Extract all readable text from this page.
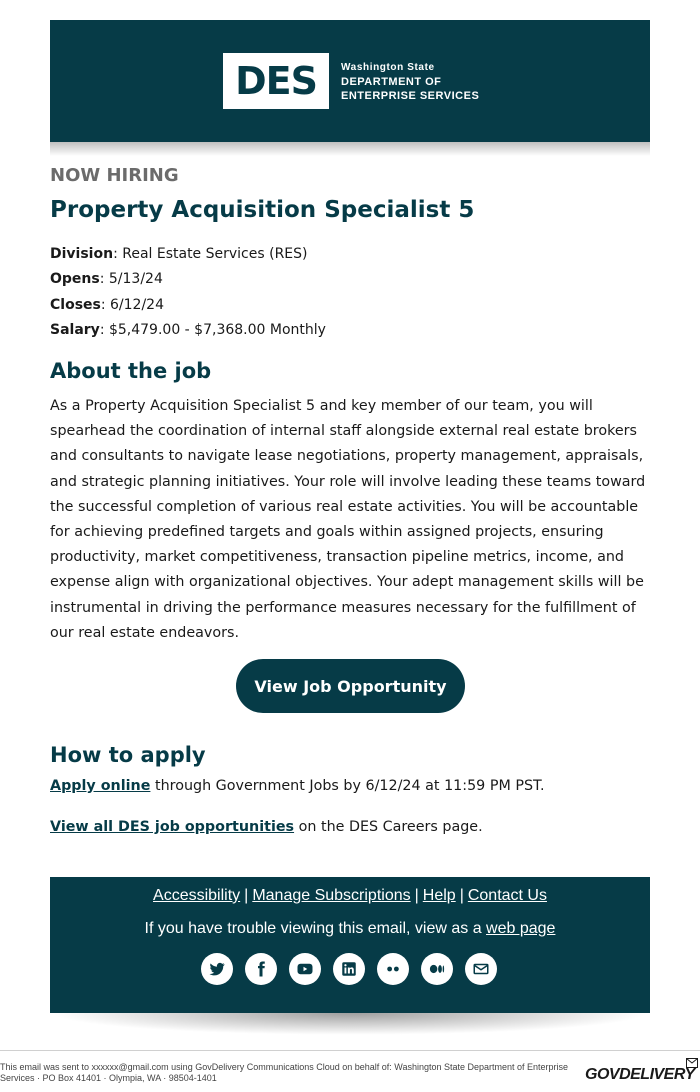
DES Washington State
DEPARTMENT OF
ENTERPRISE SERVICES
NOW HIRING
Property Acquisition Specialist 5
Division: Real Estate Services (RES)
Opens: 5/13/24
Closes: 6/12/24
Salary: $5,479.00 - $7,368.00 Monthly
About the job

As a Property Acquisition Specialist 5 and key member of our team, you will spearhead the coordination of internal staff alongside external real estate brokers and consultants to navigate lease negotiations, property management, appraisals, and strategic planning initiatives. Your role will involve leading these teams toward the successful completion of various real estate activities. You will be accountable for achieving predefined targets and goals within assigned projects, ensuring productivity, market competitiveness, transaction pipeline metrics, income, and expense align with organizational objectives. Your adept management skills will be instrumental in driving the performance measures necessary for the fulfillment of our real estate endeavors.

View Job Opportunity
How to apply
Apply online through Government Jobs by 6/12/24 at 11:59 PM PST.
View all DES job opportunities on the DES Careers page.
Accessibility | Manage Subscriptions | Help | Contact Us
If you have trouble viewing this email, view as a web page
This email was sent to xxxxxx@gmail.com using GovDelivery Communications Cloud on behalf of: Washington State Department of Enterprise Services · PO Box 41401 · Olympia, WA · 98504-1401	GOVDELIVERY
